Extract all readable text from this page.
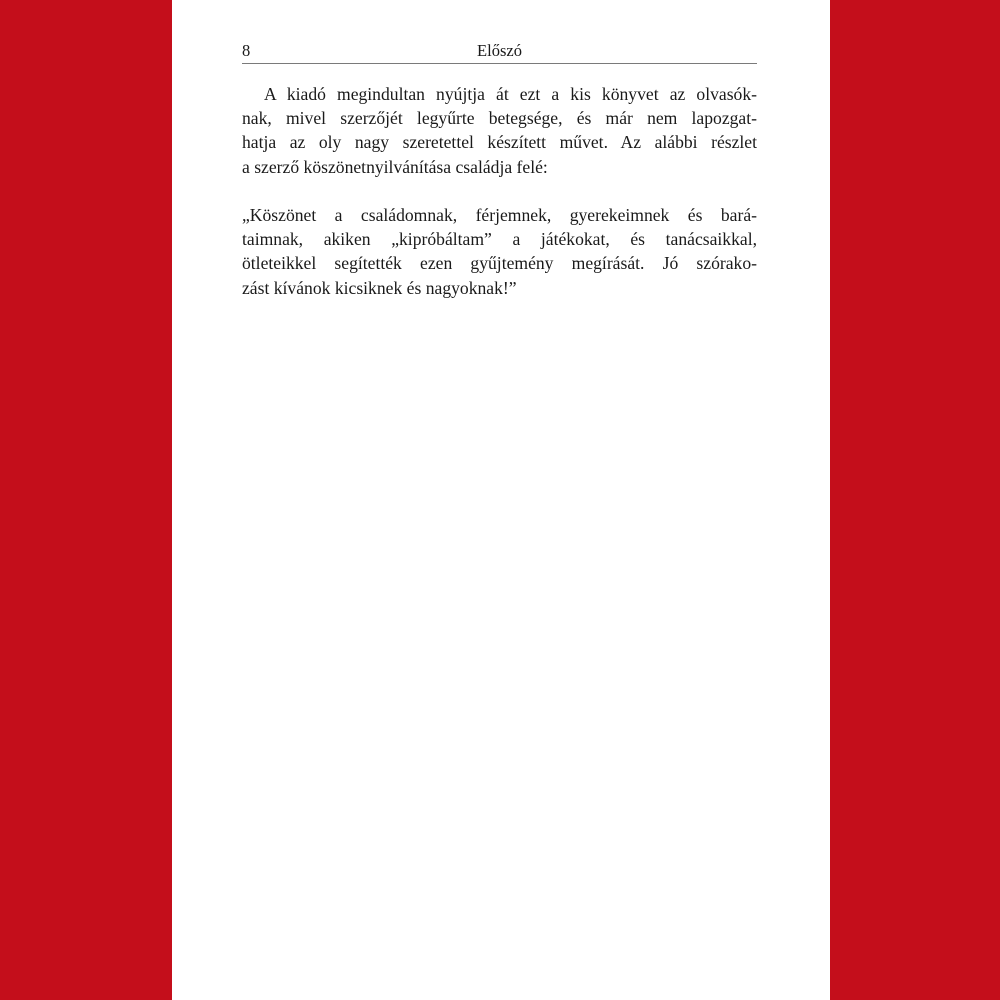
8	Előszó
A kiadó megindultan nyújtja át ezt a kis könyvet az olvasók-
nak, mivel szerzőjét legyűrte betegsége, és már nem lapozgat-
hatja az oly nagy szeretettel készített művet. Az alábbi részlet
a szerző köszönetnyilvánítása családja felé:
„Köszönet a családomnak, férjemnek, gyerekeimnek és bará-
taimnak, akiken „kipróbáltam” a játékokat, és tanácsaikkal,
ötleteikkel segítették ezen gyűjtemény megírását. Jó szórako-
zást kívánok kicsiknek és nagyoknak!”
